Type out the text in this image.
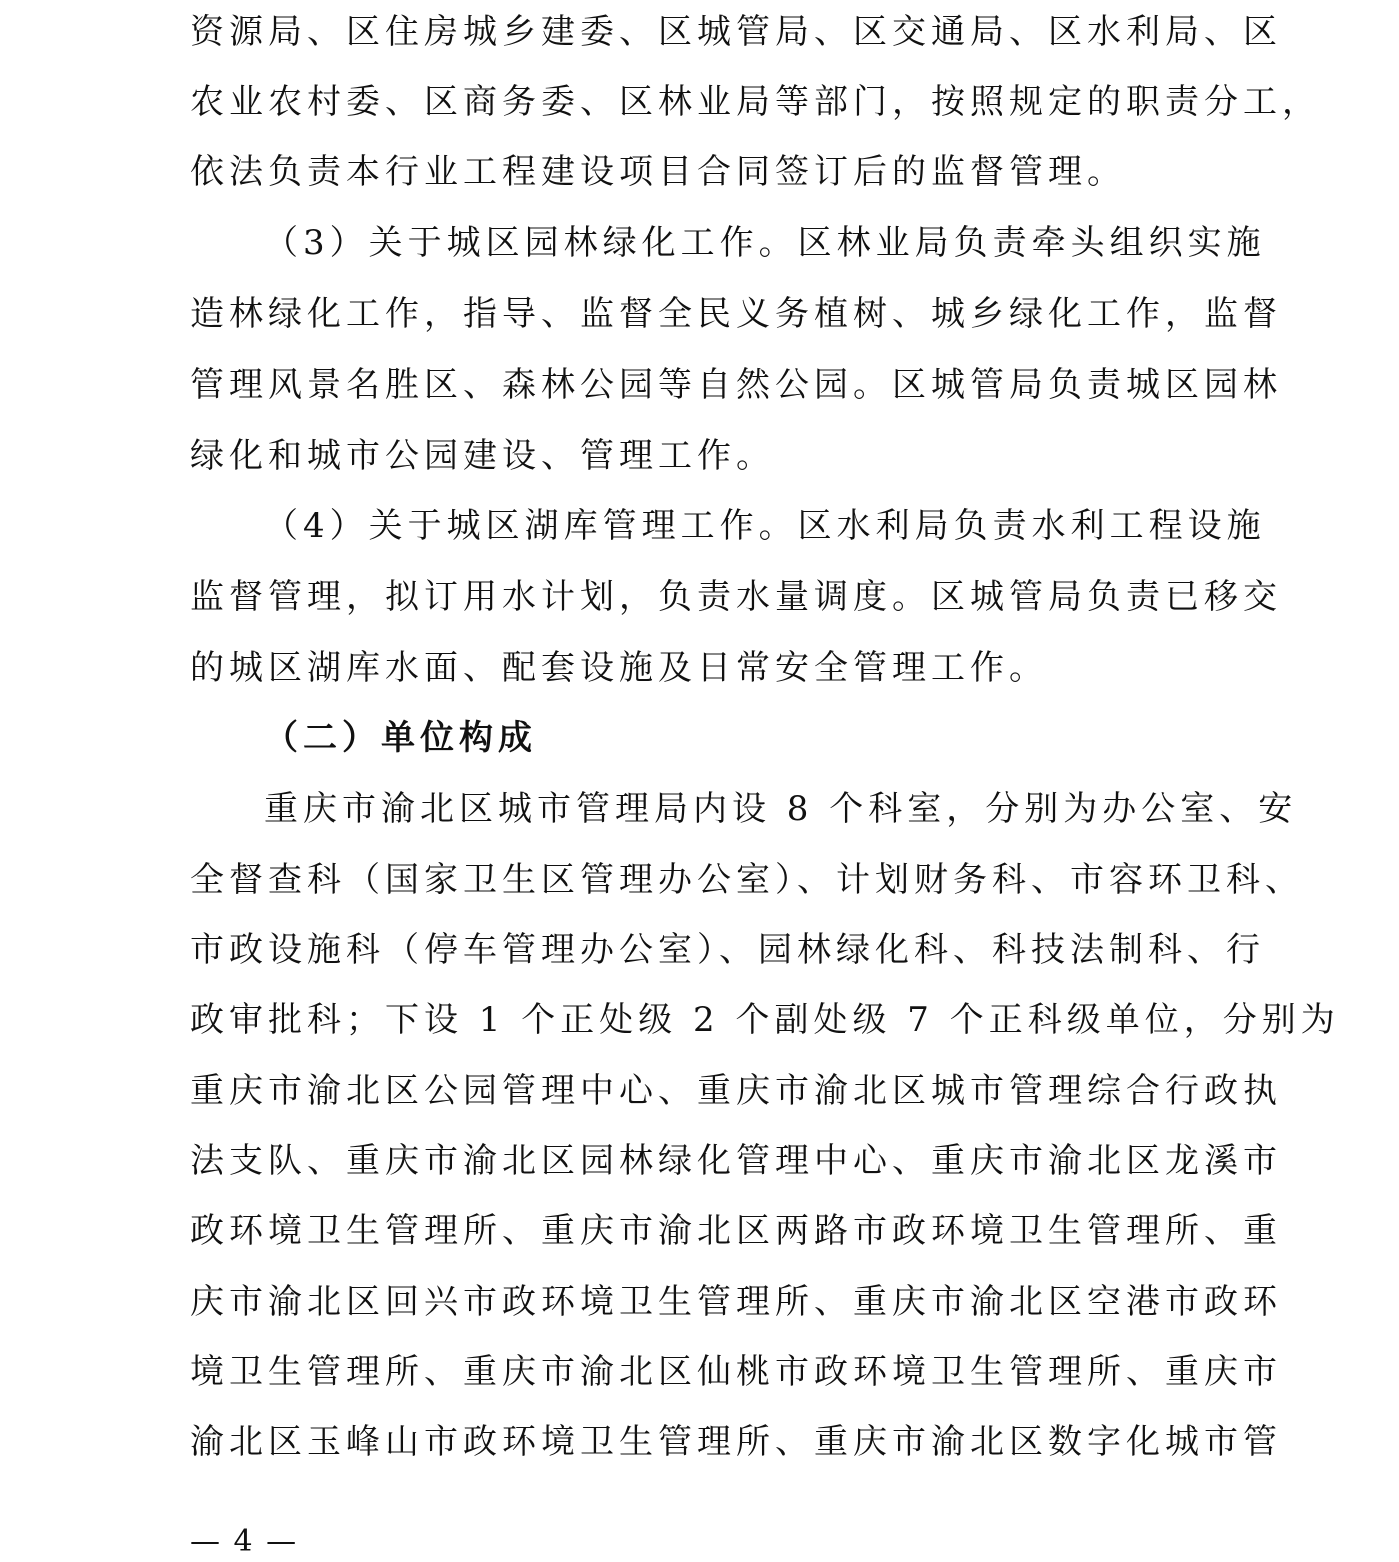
资源局、区住房城乡建委、区城管局、区交通局、区水利局、区
农业农村委、区商务委、区林业局等部门，按照规定的职责分工，
依法负责本行业工程建设项目合同签订后的监督管理。
（3）关于城区园林绿化工作。区林业局负责牵头组织实施
造林绿化工作，指导、监督全民义务植树、城乡绿化工作，监督
管理风景名胜区、森林公园等自然公园。区城管局负责城区园林
绿化和城市公园建设、管理工作。
（4）关于城区湖库管理工作。区水利局负责水利工程设施
监督管理，拟订用水计划，负责水量调度。区城管局负责已移交
的城区湖库水面、配套设施及日常安全管理工作。
（二）单位构成
重庆市渝北区城市管理局内设 8 个科室，分别为办公室、安
全督查科（国家卫生区管理办公室）、计划财务科、市容环卫科、
市政设施科（停车管理办公室）、园林绿化科、科技法制科、行
政审批科；下设 1 个正处级 2 个副处级 7 个正科级单位，分别为
重庆市渝北区公园管理中心、重庆市渝北区城市管理综合行政执
法支队、重庆市渝北区园林绿化管理中心、重庆市渝北区龙溪市
政环境卫生管理所、重庆市渝北区两路市政环境卫生管理所、重
庆市渝北区回兴市政环境卫生管理所、重庆市渝北区空港市政环
境卫生管理所、重庆市渝北区仙桃市政环境卫生管理所、重庆市
渝北区玉峰山市政环境卫生管理所、重庆市渝北区数字化城市管
— 4 —
